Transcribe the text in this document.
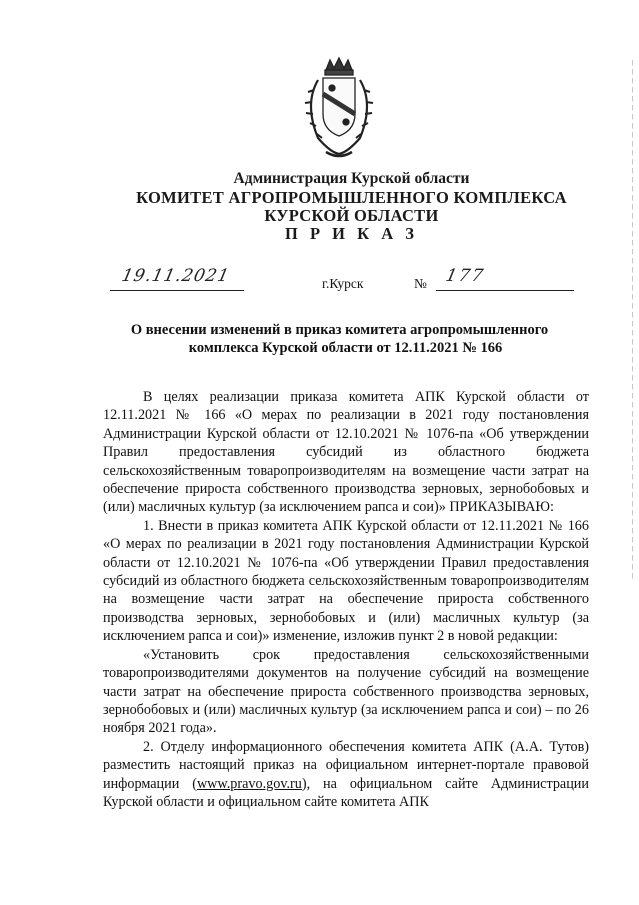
Администрация Курской области
КОМИТЕТ АГРОПРОМЫШЛЕННОГО КОМПЛЕКСА
КУРСКОЙ ОБЛАСТИ
П Р И К А З
19.11.2021	г.Курск	№ 177
О внесении изменений в приказ комитета агропромышленного
комплекса Курской области от 12.11.2021 № 166

В целях реализации приказа комитета АПК Курской области от 12.11.2021 № 166 «О мерах по реализации в 2021 году постановления Администрации Курской области от 12.10.2021 № 1076-па «Об утверждении Правил предоставления субсидий из областного бюджета сельскохозяйственным товаропроизводителям на возмещение части затрат на обеспечение прироста собственного производства зерновых, зернобобовых и (или) масличных культур (за исключением рапса и сои)» ПРИКАЗЫВАЮ:

1. Внести в приказ комитета АПК Курской области от 12.11.2021 № 166 «О мерах по реализации в 2021 году постановления Администрации Курской области от 12.10.2021 № 1076-па «Об утверждении Правил предоставления субсидий из областного бюджета сельскохозяйственным товаропроизводителям на возмещение части затрат на обеспечение прироста собственного производства зерновых, зернобобовых и (или) масличных культур (за исключением рапса и сои)» изменение, изложив пункт 2 в новой редакции:

«Установить срок предоставления сельскохозяйственными товаропроизводителями документов на получение субсидий на возмещение части затрат на обеспечение прироста собственного производства зерновых, зернобобовых и (или) масличных культур (за исключением рапса и сои) – по 26 ноября 2021 года».

2. Отделу информационного обеспечения комитета АПК (А.А. Тутов) разместить настоящий приказ на официальном интернет-портале правовой информации (www.pravo.gov.ru), на официальном сайте Администрации Курской области и официальном сайте комитета АПК
